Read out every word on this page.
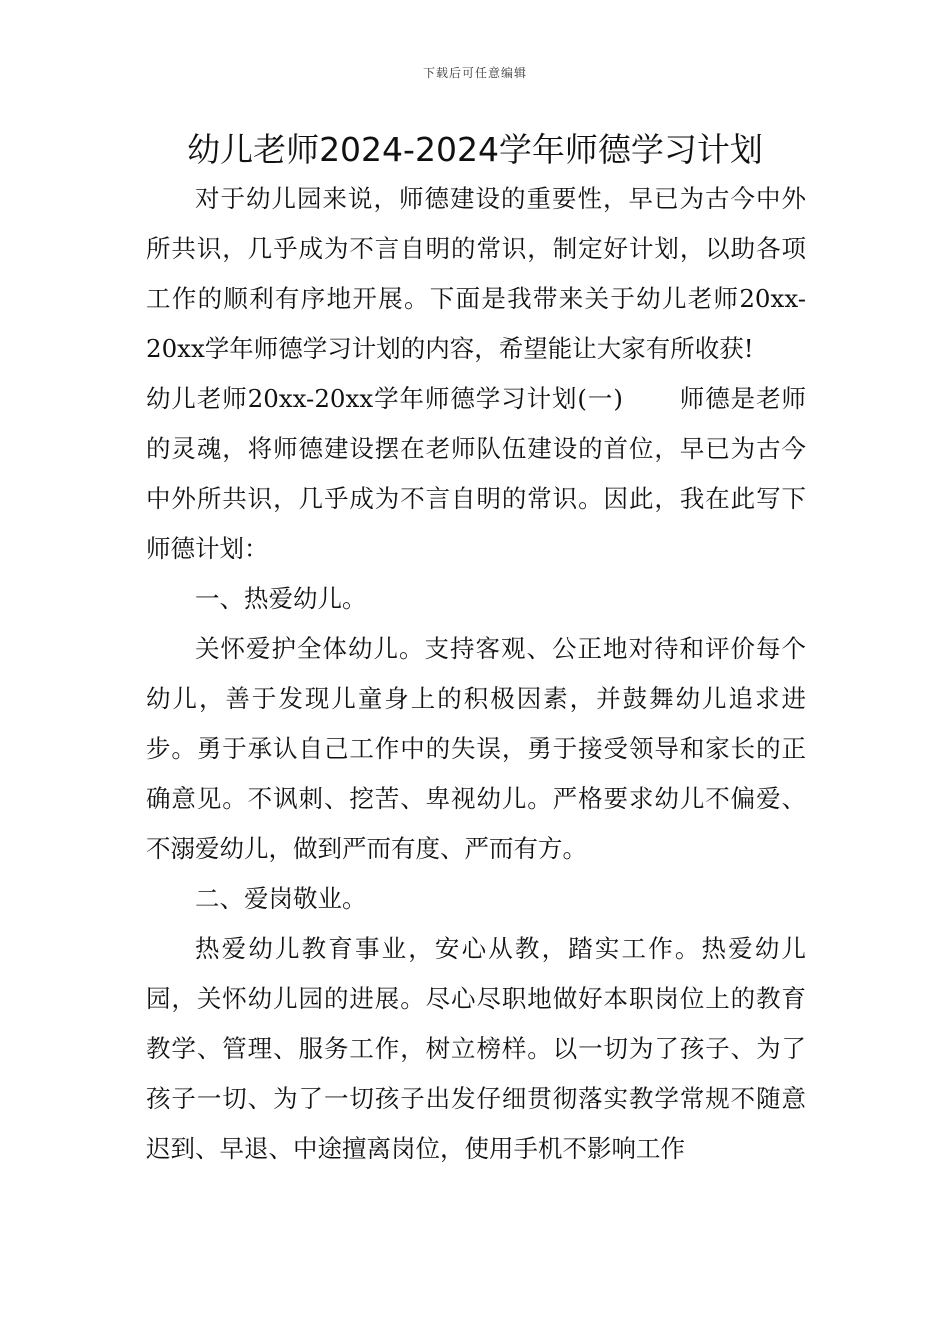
下载后可任意编辑
幼儿老师2024-2024学年师德学习计划

对于幼儿园来说，师德建设的重要性，早已为古今中外所共识，几乎成为不言自明的常识，制定好计划，以助各项工作的顺利有序地开展。下面是我带来关于幼儿老师20xx-20xx学年师德学习计划的内容，希望能让大家有所收获!

幼儿老师20xx-20xx学年师德学习计划(一) 师德是老师的灵魂，将师德建设摆在老师队伍建设的首位，早已为古今中外所共识，几乎成为不言自明的常识。因此，我在此写下师德计划：

一、热爱幼儿。

关怀爱护全体幼儿。支持客观、公正地对待和评价每个幼儿，善于发现儿童身上的积极因素，并鼓舞幼儿追求进步。勇于承认自己工作中的失误，勇于接受领导和家长的正确意见。不讽刺、挖苦、卑视幼儿。严格要求幼儿不偏爱、不溺爱幼儿，做到严而有度、严而有方。

二、爱岗敬业。

热爱幼儿教育事业，安心从教，踏实工作。热爱幼儿园，关怀幼儿园的进展。尽心尽职地做好本职岗位上的教育教学、管理、服务工作，树立榜样。以一切为了孩子、为了孩子一切、为了一切孩子出发仔细贯彻落实教学常规不随意迟到、早退、中途擅离岗位，使用手机不影响工作
